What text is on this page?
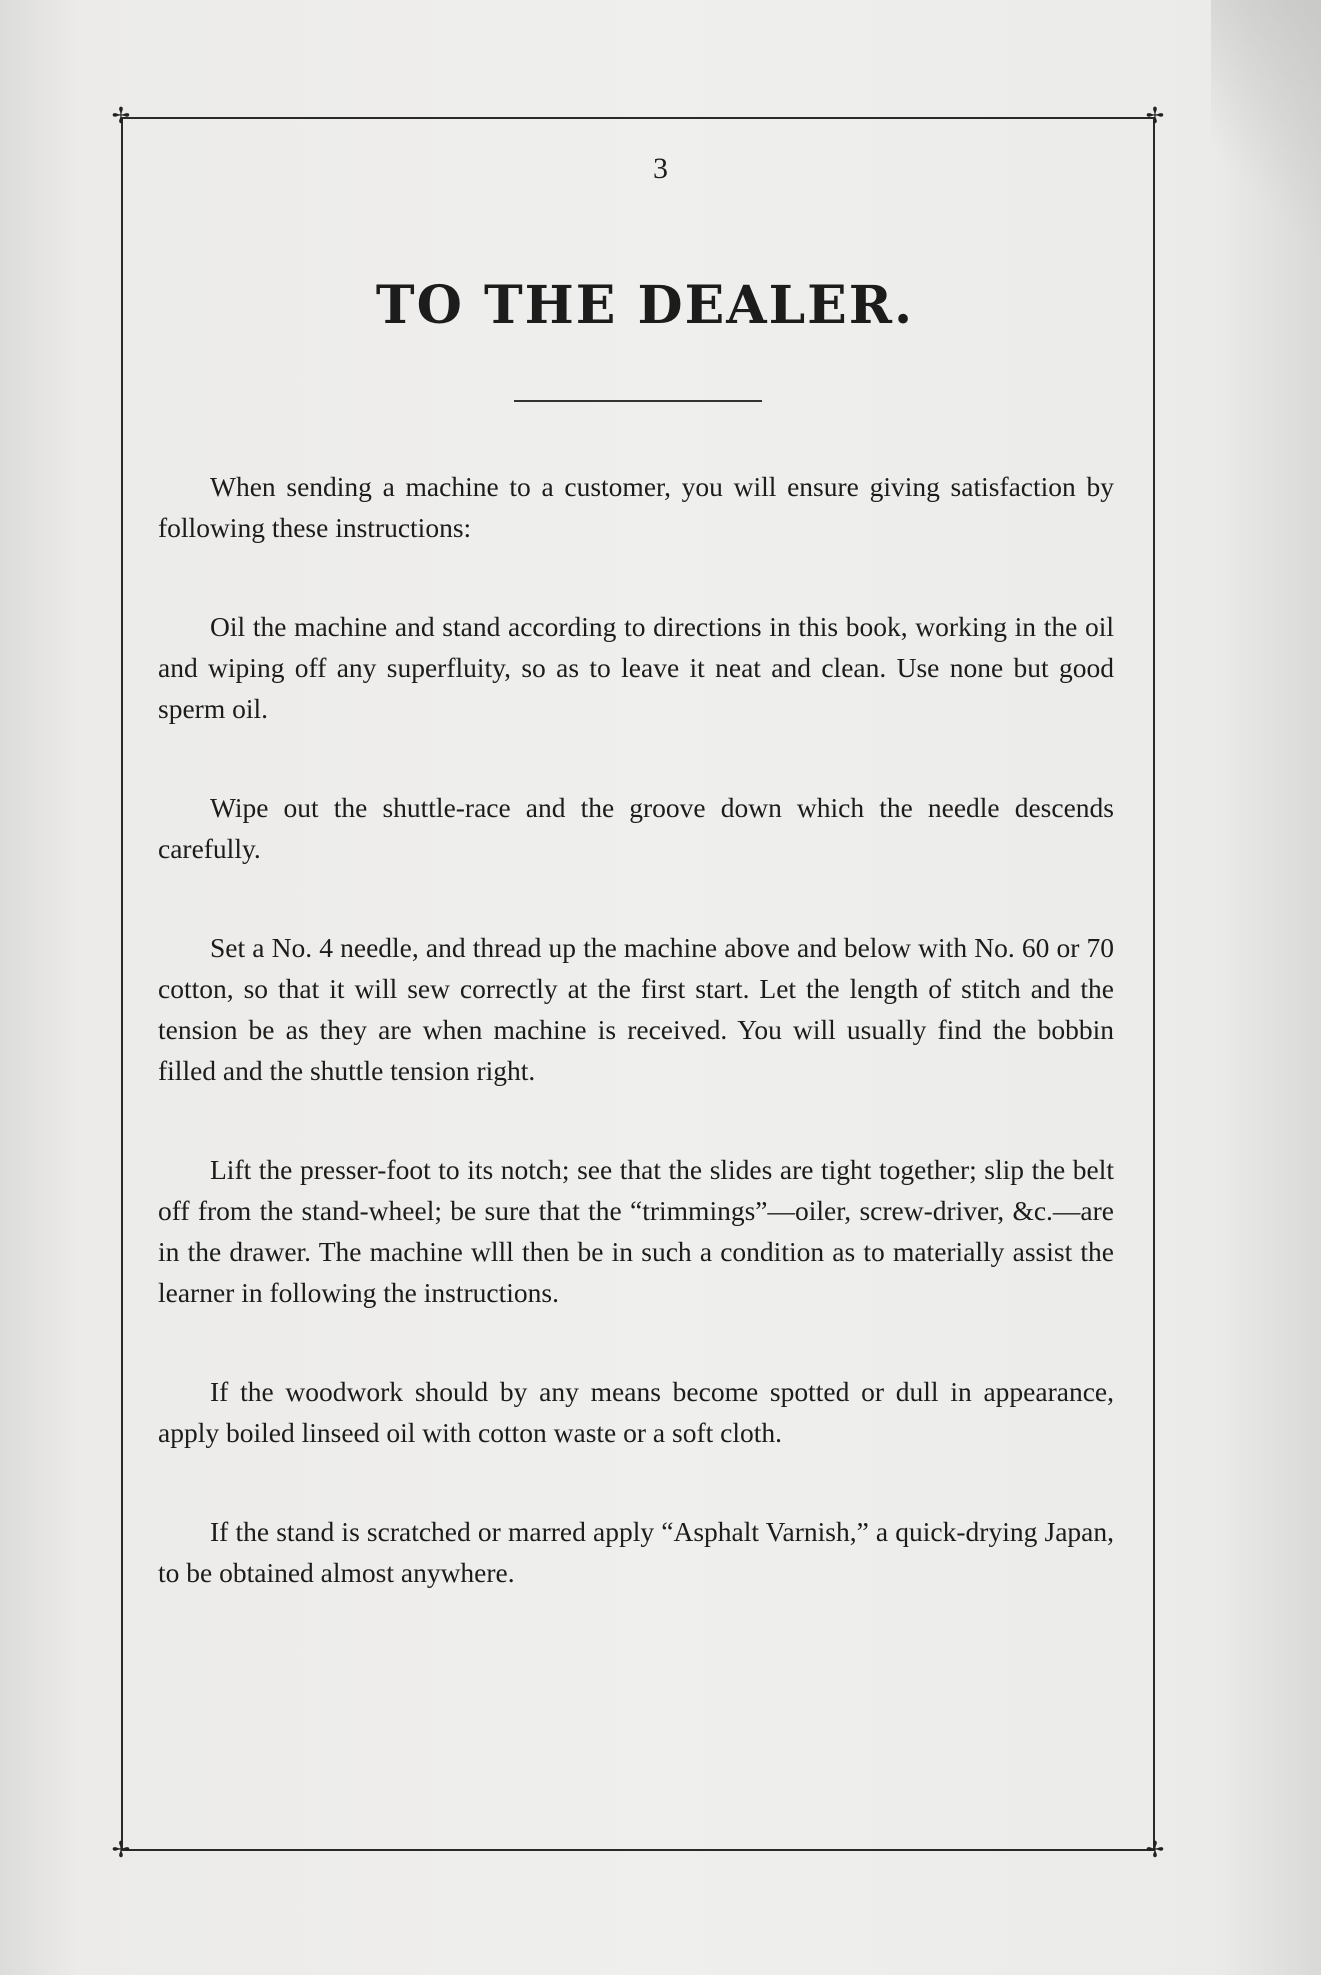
✢	✢
✢	✢
3
TO THE DEALER.

When sending a machine to a customer, you will ensure giving satisfaction by following these instructions:

Oil the machine and stand according to directions in this book, working in the oil and wiping off any superfluity, so as to leave it neat and clean. Use none but good sperm oil.

Wipe out the shuttle-race and the groove down which the needle descends carefully.

Set a No. 4 needle, and thread up the machine above and below with No. 60 or 70 cotton, so that it will sew correctly at the first start. Let the length of stitch and the tension be as they are when machine is received. You will usually find the bobbin filled and the shuttle tension right.

Lift the presser-foot to its notch; see that the slides are tight together; slip the belt off from the stand-wheel; be sure that the “trimmings”—oiler, screw-driver, &c.—are in the drawer. The machine wlll then be in such a condition as to materially assist the learner in following the instructions.

If the woodwork should by any means become spotted or dull in appearance, apply boiled linseed oil with cotton waste or a soft cloth.

If the stand is scratched or marred apply “Asphalt Varnish,” a quick-drying Japan, to be obtained almost anywhere.
